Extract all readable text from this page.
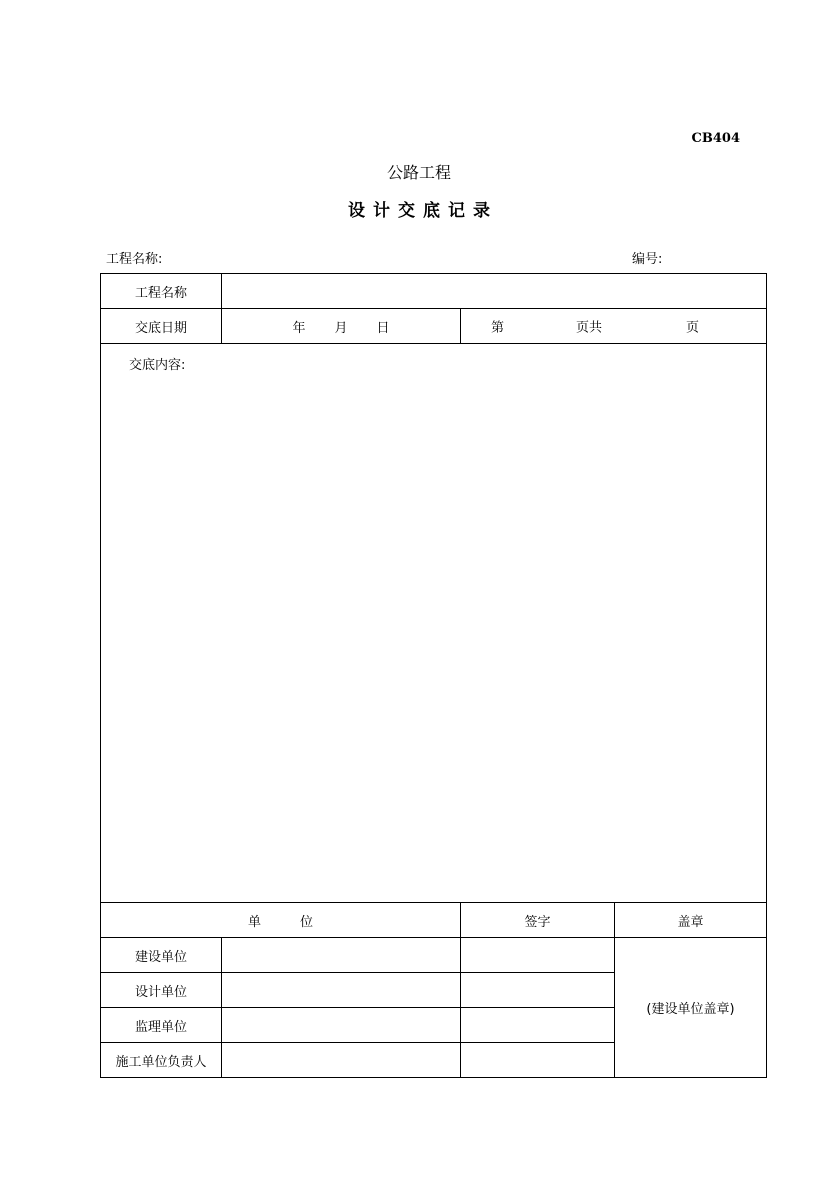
CB404
公路工程
设计交底记录
工程名称:	编号:
工程名称			
交底日期	年 月 日	第 页共 页	

交底内容:			

单　　　位		签字	盖章
建设单位			(建设单位盖章)
设计单位			
监理单位			
施工单位负责人			
